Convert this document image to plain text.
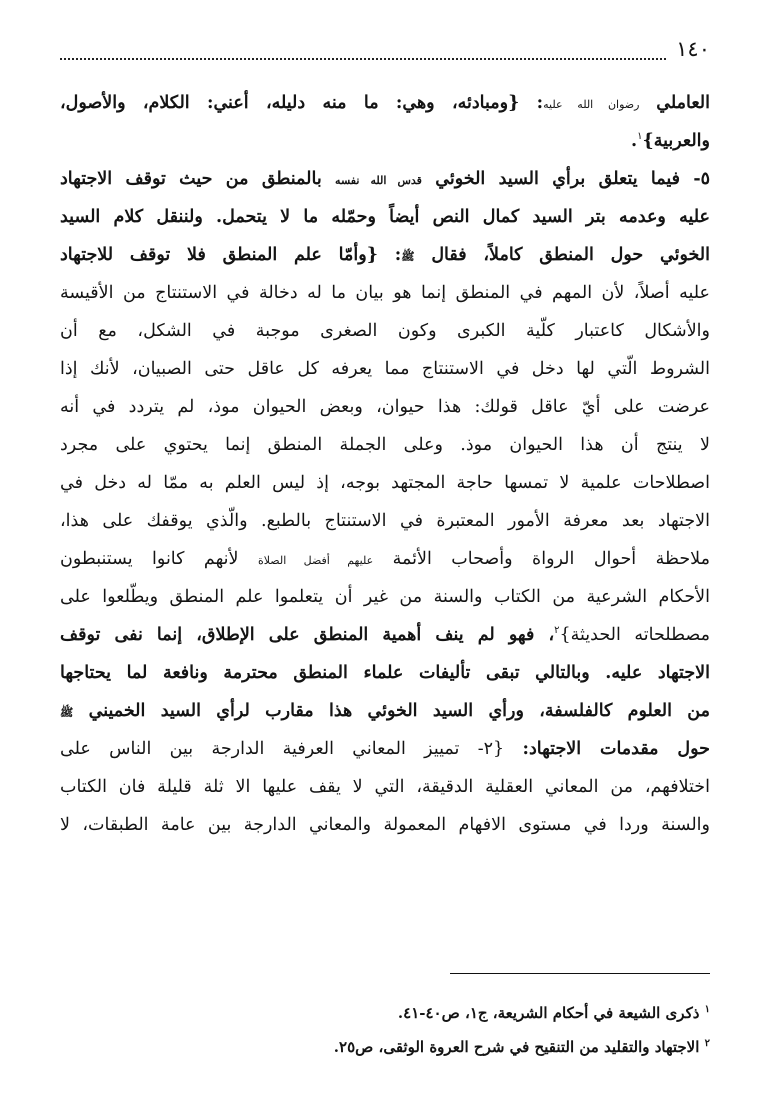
١٤٠
العاملي رضوان الله عليه: {ومبادئه، وهي: ما منه دليله، أعني: الكلام، والأصول،
والعربية}$^١$.
٥- فيما يتعلق برأي السيد الخوئي قدس الله نفسه بالمنطق من حيث توقف الاجتهاد
عليه وعدمه بتر السيد كمال النص أيضاً وحمّله ما لا يتحمل. ولننقل كلام السيد
الخوئي حول المنطق كاملاً، فقال ﷺ: {وأمّا علم المنطق فلا توقف للاجتهاد
عليه أصلاً، لأن المهم في المنطق إنما هو بيان ما له دخالة في الاستنتاج من الأقيسة
والأشكال كاعتبار كلّية الكبرى وكون الصغرى موجبة في الشكل، مع أن
الشروط الّتي لها دخل في الاستنتاج مما يعرفه كل عاقل حتى الصبيان، لأنك إذا
عرضت على أيّ عاقل قولك: هذا حيوان، وبعض الحيوان موذ، لم يتردد في أنه
لا ينتج أن هذا الحيوان موذ. وعلى الجملة المنطق إنما يحتوي على مجرد
اصطلاحات علمية لا تمسها حاجة المجتهد بوجه، إذ ليس العلم به ممّا له دخل في
الاجتهاد بعد معرفة الأمور المعتبرة في الاستنتاج بالطبع. والّذي يوقفك على هذا،
ملاحظة أحوال الرواة وأصحاب الأئمة عليهم أفضل الصلاة لأنهم كانوا يستنبطون
الأحكام الشرعية من الكتاب والسنة من غير أن يتعلموا علم المنطق ويطّلعوا على
مصطلحاته الحديثة}$^٢$، فهو لم ينف أهمية المنطق على الإطلاق، إنما نفى توقف
الاجتهاد عليه. وبالتالي تبقى تأليفات علماء المنطق محترمة ونافعة لما يحتاجها
من العلوم كالفلسفة، ورأي السيد الخوئي هذا مقارب لرأي السيد الخميني ﷺ
حول مقدمات الاجتهاد: {٢- تمييز المعاني العرفية الدارجة بين الناس على
اختلافهم، من المعاني العقلية الدقيقة، التي لا يقف عليها الا ثلة قليلة فان الكتاب
والسنة وردا في مستوى الافهام المعمولة والمعاني الدارجة بين عامة الطبقات، لا
$^١$ ذكرى الشيعة في أحكام الشريعة، ج١، ص٤٠-٤١.
$^٢$ الاجتهاد والتقليد من التنقيح في شرح العروة الوثقى، ص٢٥.
